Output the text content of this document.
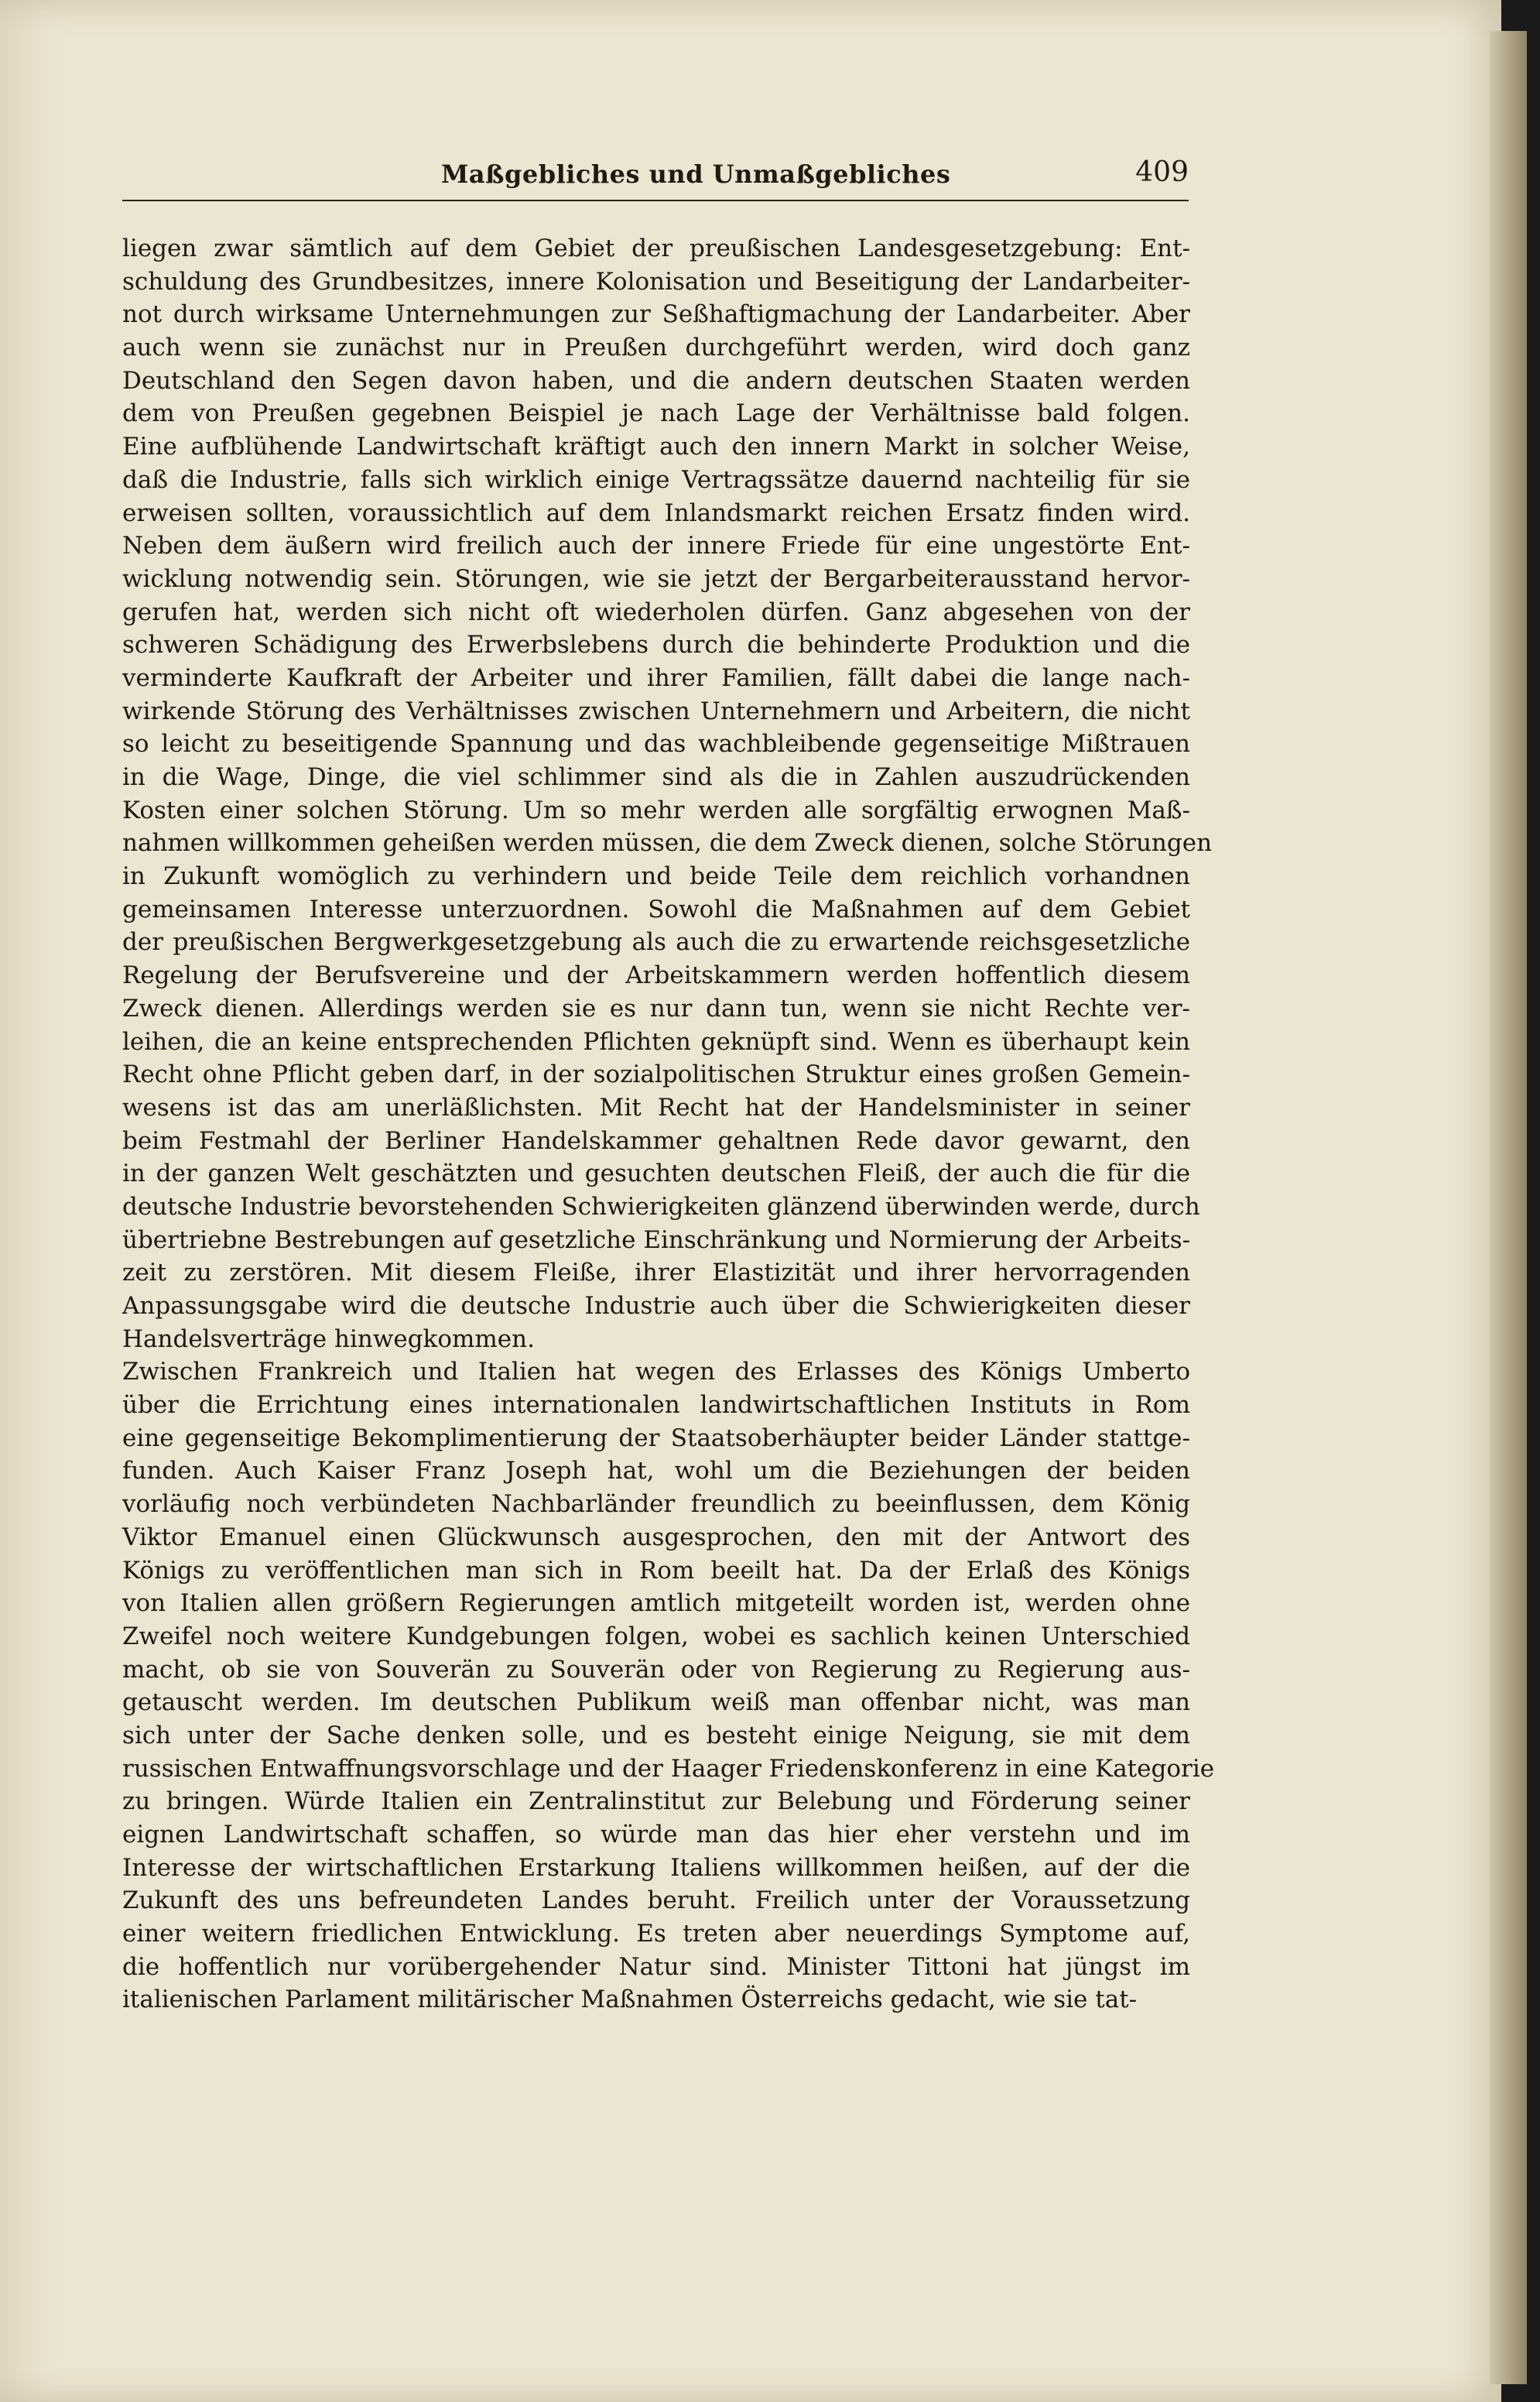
Maßgebliches und Unmaßgebliches	409
liegen zwar sämtlich auf dem Gebiet der preußischen Landesgesetzgebung: Ent-
schuldung des Grundbesitzes, innere Kolonisation und Beseitigung der Landarbeiter-
not durch wirksame Unternehmungen zur Seßhaftigmachung der Landarbeiter. Aber
auch wenn sie zunächst nur in Preußen durchgeführt werden, wird doch ganz
Deutschland den Segen davon haben, und die andern deutschen Staaten werden
dem von Preußen gegebnen Beispiel je nach Lage der Verhältnisse bald folgen.
Eine aufblühende Landwirtschaft kräftigt auch den innern Markt in solcher Weise,
daß die Industrie, falls sich wirklich einige Vertragssätze dauernd nachteilig für sie
erweisen sollten, voraussichtlich auf dem Inlandsmarkt reichen Ersatz finden wird.
Neben dem äußern wird freilich auch der innere Friede für eine ungestörte Ent-
wicklung notwendig sein. Störungen, wie sie jetzt der Bergarbeiterausstand hervor-
gerufen hat, werden sich nicht oft wiederholen dürfen. Ganz abgesehen von der
schweren Schädigung des Erwerbslebens durch die behinderte Produktion und die
verminderte Kaufkraft der Arbeiter und ihrer Familien, fällt dabei die lange nach-
wirkende Störung des Verhältnisses zwischen Unternehmern und Arbeitern, die nicht
so leicht zu beseitigende Spannung und das wachbleibende gegenseitige Mißtrauen
in die Wage, Dinge, die viel schlimmer sind als die in Zahlen auszudrückenden
Kosten einer solchen Störung. Um so mehr werden alle sorgfältig erwognen Maß-
nahmen willkommen geheißen werden müssen, die dem Zweck dienen, solche Störungen
in Zukunft womöglich zu verhindern und beide Teile dem reichlich vorhandnen
gemeinsamen Interesse unterzuordnen. Sowohl die Maßnahmen auf dem Gebiet
der preußischen Bergwerkgesetzgebung als auch die zu erwartende reichsgesetzliche
Regelung der Berufsvereine und der Arbeitskammern werden hoffentlich diesem
Zweck dienen. Allerdings werden sie es nur dann tun, wenn sie nicht Rechte ver-
leihen, die an keine entsprechenden Pflichten geknüpft sind. Wenn es überhaupt kein
Recht ohne Pflicht geben darf, in der sozialpolitischen Struktur eines großen Gemein-
wesens ist das am unerläßlichsten. Mit Recht hat der Handelsminister in seiner
beim Festmahl der Berliner Handelskammer gehaltnen Rede davor gewarnt, den
in der ganzen Welt geschätzten und gesuchten deutschen Fleiß, der auch die für die
deutsche Industrie bevorstehenden Schwierigkeiten glänzend überwinden werde, durch
übertriebne Bestrebungen auf gesetzliche Einschränkung und Normierung der Arbeits-
zeit zu zerstören. Mit diesem Fleiße, ihrer Elastizität und ihrer hervorragenden
Anpassungsgabe wird die deutsche Industrie auch über die Schwierigkeiten dieser
Handelsverträge hinwegkommen.
Zwischen Frankreich und Italien hat wegen des Erlasses des Königs Umberto
über die Errichtung eines internationalen landwirtschaftlichen Instituts in Rom
eine gegenseitige Bekomplimentierung der Staatsoberhäupter beider Länder stattge-
funden. Auch Kaiser Franz Joseph hat, wohl um die Beziehungen der beiden
vorläufig noch verbündeten Nachbarländer freundlich zu beeinflussen, dem König
Viktor Emanuel einen Glückwunsch ausgesprochen, den mit der Antwort des
Königs zu veröffentlichen man sich in Rom beeilt hat. Da der Erlaß des Königs
von Italien allen größern Regierungen amtlich mitgeteilt worden ist, werden ohne
Zweifel noch weitere Kundgebungen folgen, wobei es sachlich keinen Unterschied
macht, ob sie von Souverän zu Souverän oder von Regierung zu Regierung aus-
getauscht werden. Im deutschen Publikum weiß man offenbar nicht, was man
sich unter der Sache denken solle, und es besteht einige Neigung, sie mit dem
russischen Entwaffnungsvorschlage und der Haager Friedenskonferenz in eine Kategorie
zu bringen. Würde Italien ein Zentralinstitut zur Belebung und Förderung seiner
eignen Landwirtschaft schaffen, so würde man das hier eher verstehn und im
Interesse der wirtschaftlichen Erstarkung Italiens willkommen heißen, auf der die
Zukunft des uns befreundeten Landes beruht. Freilich unter der Voraussetzung
einer weitern friedlichen Entwicklung. Es treten aber neuerdings Symptome auf,
die hoffentlich nur vorübergehender Natur sind. Minister Tittoni hat jüngst im
italienischen Parlament militärischer Maßnahmen Österreichs gedacht, wie sie tat-
